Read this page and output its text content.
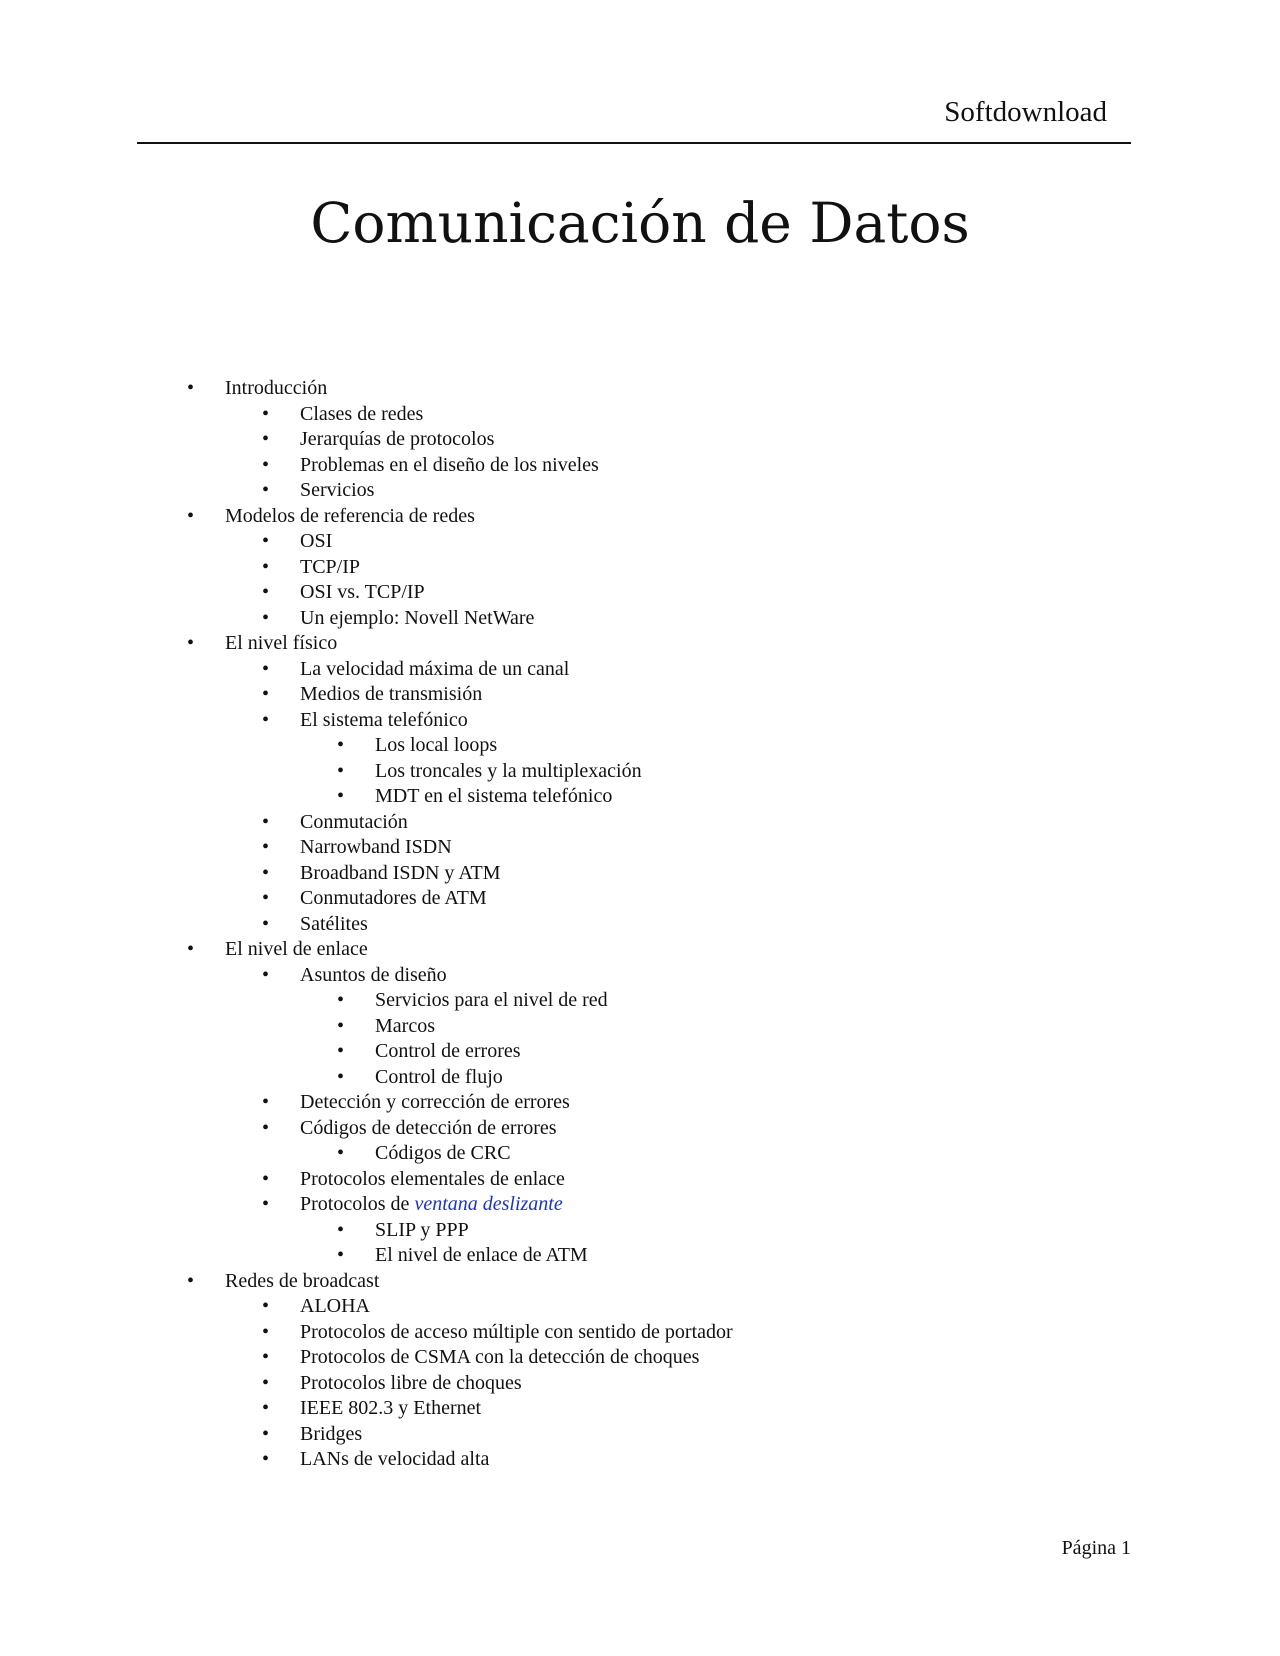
Softdownload
Comunicación de Datos
• Introducción
• Clases de redes
• Jerarquías de protocolos
• Problemas en el diseño de los niveles
• Servicios
• Modelos de referencia de redes
• OSI
• TCP/IP
• OSI vs. TCP/IP
• Un ejemplo: Novell NetWare
• El nivel físico
• La velocidad máxima de un canal
• Medios de transmisión
• El sistema telefónico
• Los local loops
• Los troncales y la multiplexación
• MDT en el sistema telefónico
• Conmutación
• Narrowband ISDN
• Broadband ISDN y ATM
• Conmutadores de ATM
• Satélites
• El nivel de enlace
• Asuntos de diseño
• Servicios para el nivel de red
• Marcos
• Control de errores
• Control de flujo
• Detección y corrección de errores
• Códigos de detección de errores
• Códigos de CRC
• Protocolos elementales de enlace
• Protocolos de ventana deslizante
• SLIP y PPP
• El nivel de enlace de ATM
• Redes de broadcast
• ALOHA
• Protocolos de acceso múltiple con sentido de portador
• Protocolos de CSMA con la detección de choques
• Protocolos libre de choques
• IEEE 802.3 y Ethernet
• Bridges
• LANs de velocidad alta
Página 1
